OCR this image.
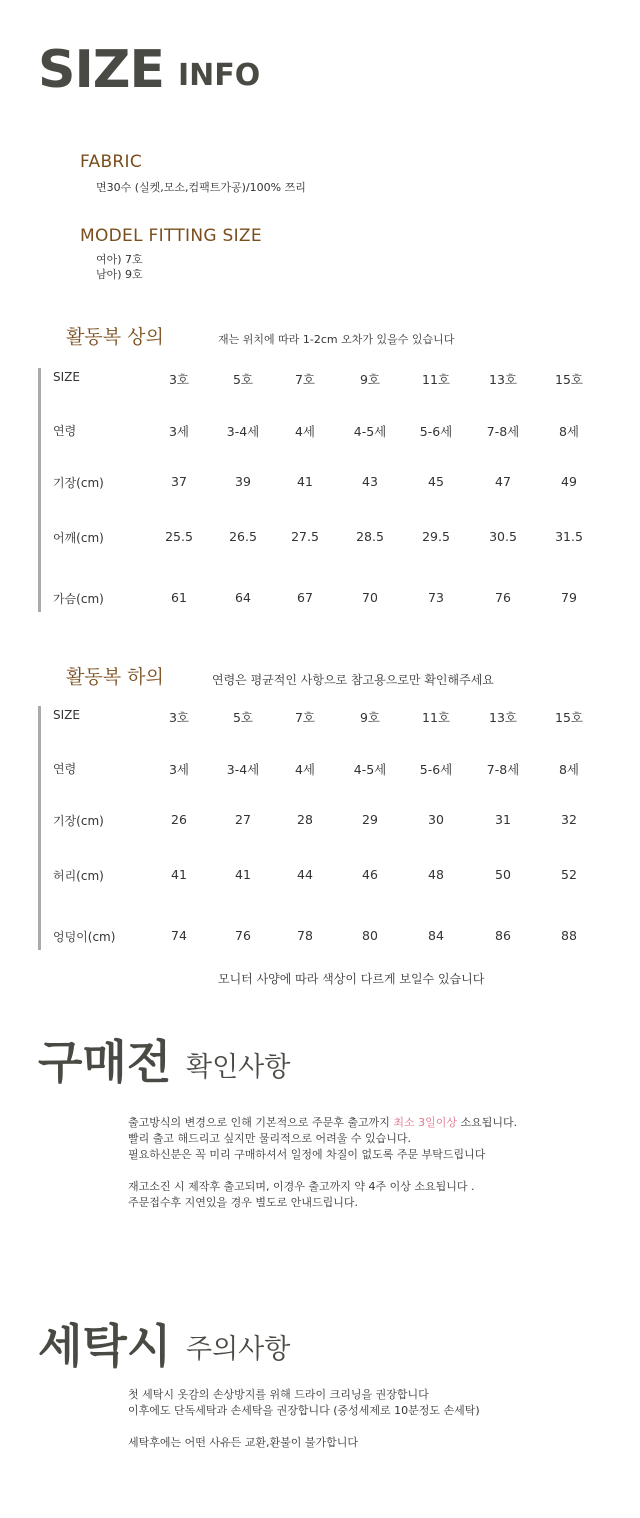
SIZE INFO
FABRIC
면30수 (실켓,모소,컴팩트가공)/100% 쯔리
MODEL FITTING SIZE
여아) 7호
남아) 9호
활동복 상의	재는 위치에 따라 1-2cm 오차가 있을수 있습니다
SIZE	3호	5호	7호	9호	11호	13호	15호
연령	3세	3-4세	4세	4-5세	5-6세	7-8세	8세
기장(cm)	37	39	41	43	45	47	49
어깨(cm)	25.5	26.5	27.5	28.5	29.5	30.5	31.5
가슴(cm)	61	64	67	70	73	76	79
활동복 하의	연령은 평균적인 사항으로 참고용으로만 확인해주세요
SIZE	3호	5호	7호	9호	11호	13호	15호
연령	3세	3-4세	4세	4-5세	5-6세	7-8세	8세
기장(cm)	26	27	28	29	30	31	32
허리(cm)	41	41	44	46	48	50	52
엉덩이(cm)	74	76	78	80	84	86	88
모니터 사양에 따라 색상이 다르게 보일수 있습니다
구매전 확인사항
출고방식의 변경으로 인해 기본적으로 주문후 출고까지 최소 3일이상 소요됩니다.
빨리 출고 해드리고 싶지만 물리적으로 어려울 수 있습니다.
필요하신분은 꼭 미리 구매하셔서 일정에 차질이 없도록 주문 부탁드립니다
재고소진 시 제작후 출고되며, 이경우 출고까지 약 4주 이상 소요됩니다 .
주문접수후 지연있을 경우 별도로 안내드립니다.
세탁시 주의사항
첫 세탁시 옷감의 손상방지를 위해 드라이 크리닝을 권장합니다
이후에도 단독세탁과 손세탁을 권장합니다 (중성세제로 10분정도 손세탁)
세탁후에는 어떤 사유든 교환,환불이 불가합니다
